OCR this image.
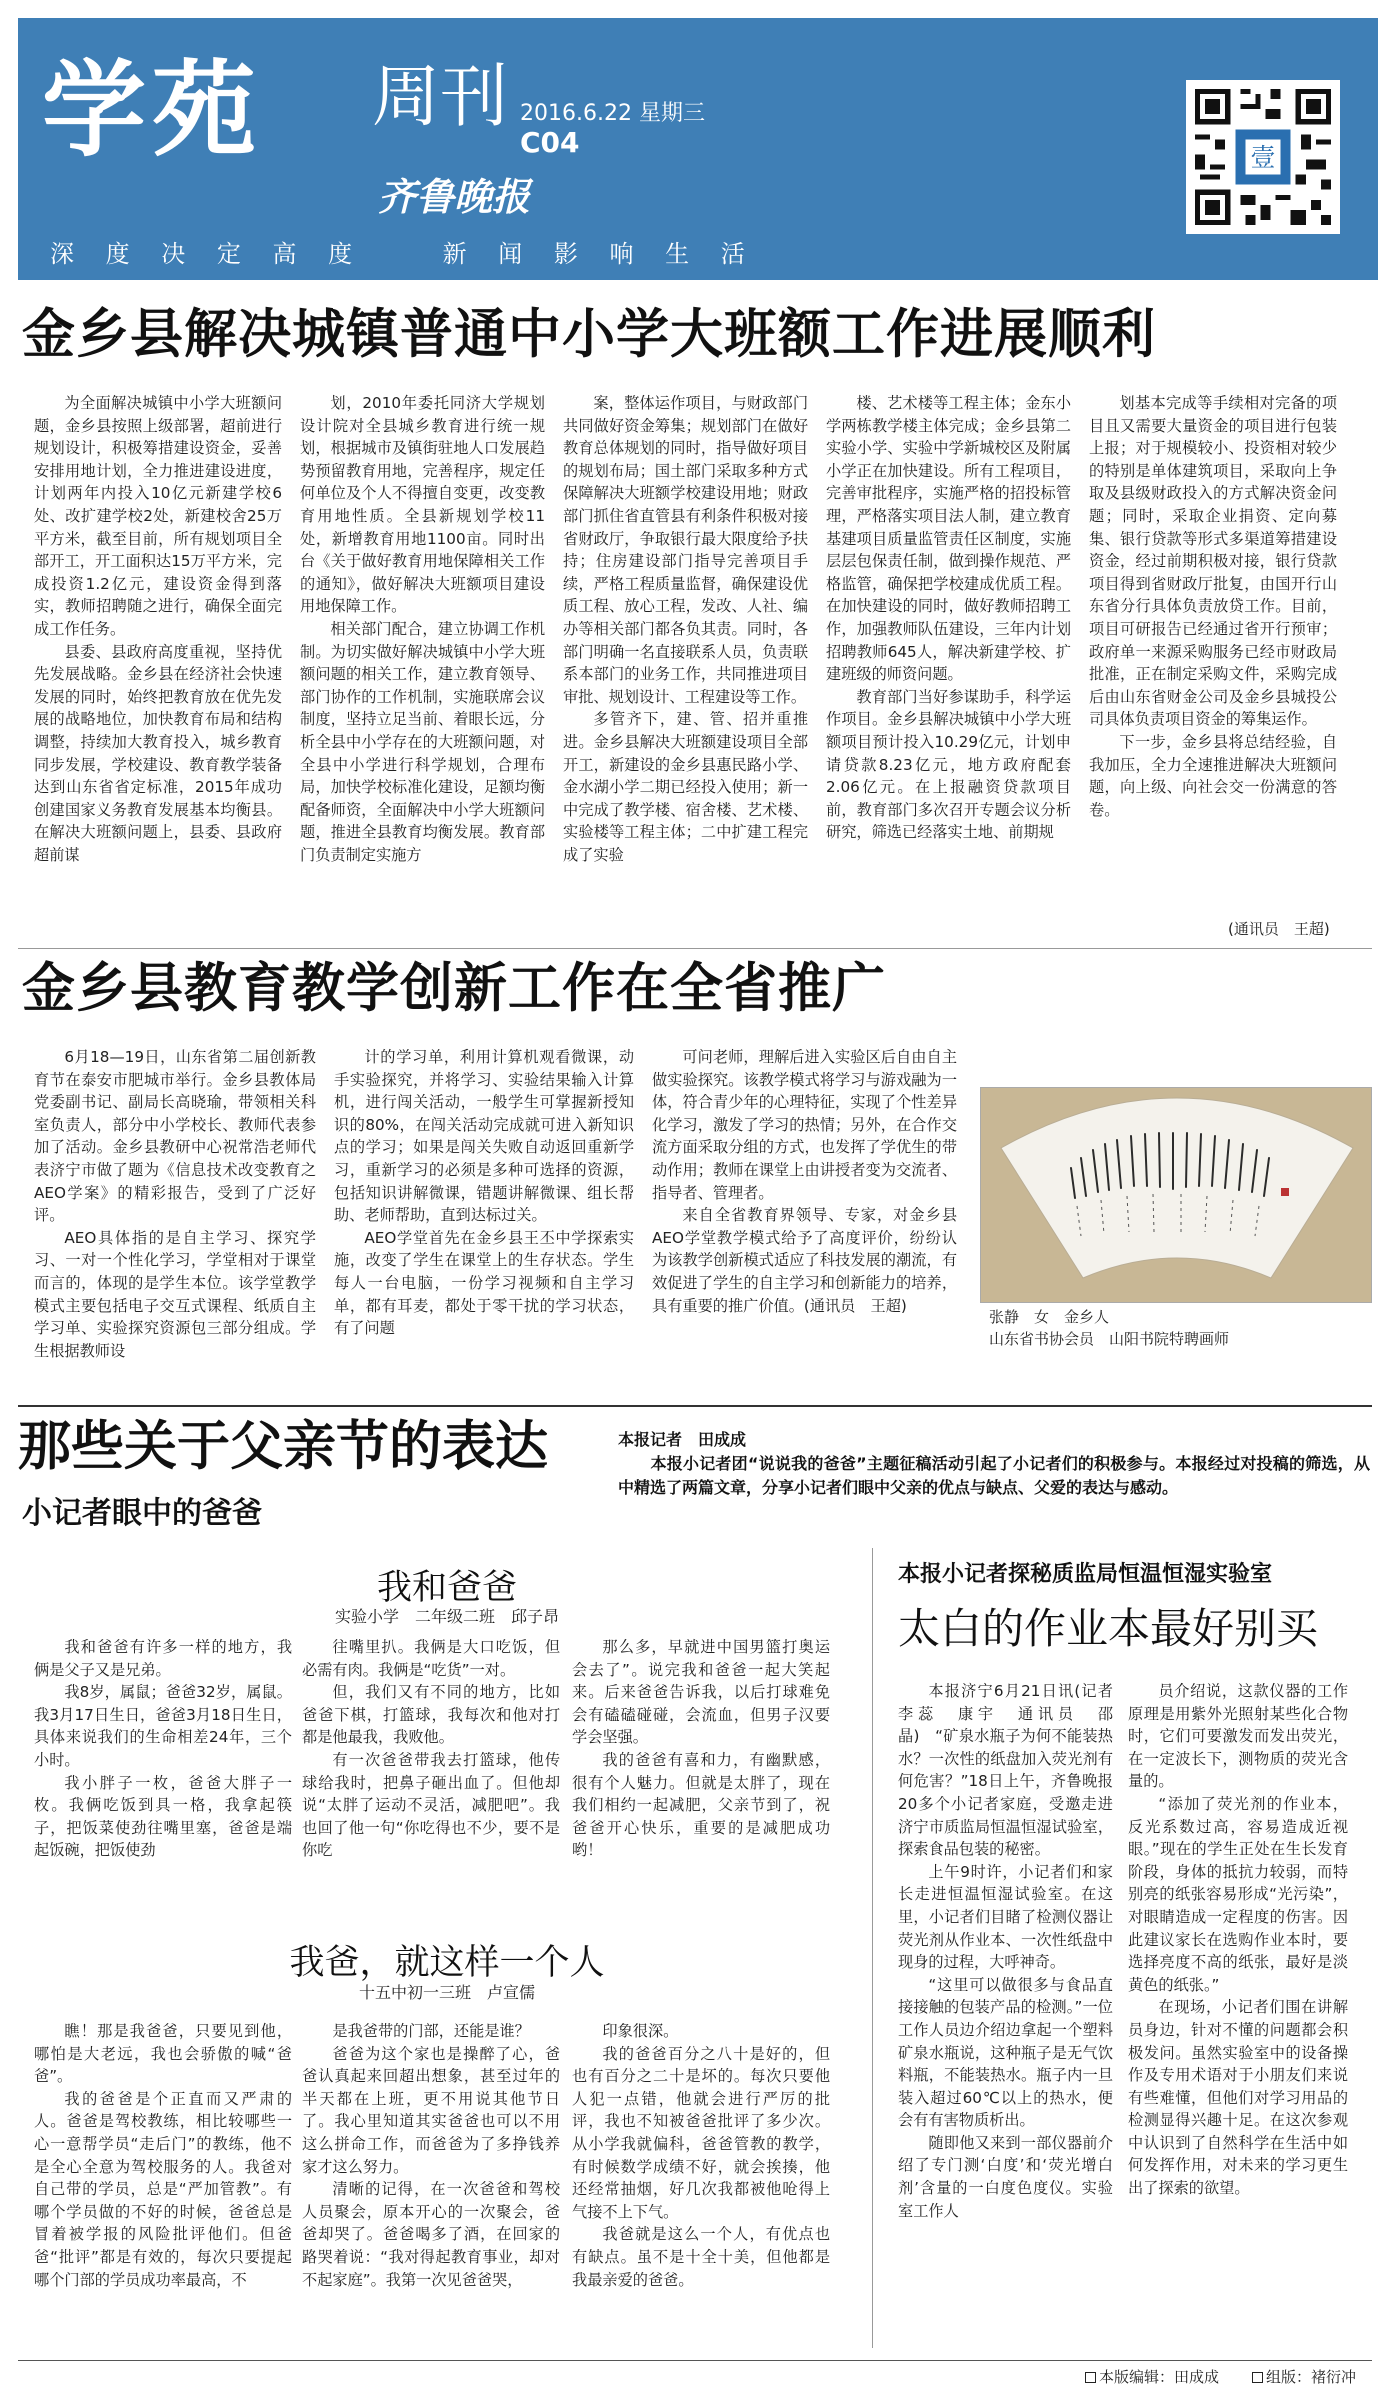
学苑 周刊 2016.6.22 星期三
C04
齐鲁晚报
深 度 决 定 高 度    新 闻 影 响 生 活
壹
金乡县解决城镇普通中小学大班额工作进展顺利

为全面解决城镇中小学大班额问题，金乡县按照上级部署，超前进行规划设计，积极筹措建设资金，妥善安排用地计划，全力推进建设进度，计划两年内投入10亿元新建学校6处、改扩建学校2处，新建校舍25万平方米，截至目前，所有规划项目全部开工，开工面积达15万平方米，完成投资1.2亿元，建设资金得到落实，教师招聘随之进行，确保全面完成工作任务。

县委、县政府高度重视，坚持优先发展战略。金乡县在经济社会快速发展的同时，始终把教育放在优先发展的战略地位，加快教育布局和结构调整，持续加大教育投入，城乡教育同步发展，学校建设、教育教学装备达到山东省省定标准，2015年成功创建国家义务教育发展基本均衡县。在解决大班额问题上，县委、县政府超前谋

划，2010年委托同济大学规划设计院对全县城乡教育进行统一规划，根据城市及镇街驻地人口发展趋势预留教育用地，完善程序，规定任何单位及个人不得擅自变更，改变教育用地性质。全县新规划学校11处，新增教育用地1100亩。同时出台《关于做好教育用地保障相关工作的通知》，做好解决大班额项目建设用地保障工作。

相关部门配合，建立协调工作机制。为切实做好解决城镇中小学大班额问题的相关工作，建立教育领导、部门协作的工作机制，实施联席会议制度，坚持立足当前、着眼长远，分析全县中小学存在的大班额问题，对全县中小学进行科学规划，合理布局，加快学校标准化建设，足额均衡配备师资，全面解决中小学大班额问题，推进全县教育均衡发展。教育部门负责制定实施方

案，整体运作项目，与财政部门共同做好资金筹集；规划部门在做好教育总体规划的同时，指导做好项目的规划布局；国土部门采取多种方式保障解决大班额学校建设用地；财政部门抓住省直管县有利条件积极对接省财政厅，争取银行最大限度给予扶持；住房建设部门指导完善项目手续，严格工程质量监督，确保建设优质工程、放心工程，发改、人社、编办等相关部门都各负其责。同时，各部门明确一名直接联系人员，负责联系本部门的业务工作，共同推进项目审批、规划设计、工程建设等工作。

多管齐下，建、管、招并重推进。金乡县解决大班额建设项目全部开工，新建设的金乡县惠民路小学、金水湖小学二期已经投入使用；新一中完成了教学楼、宿舍楼、艺术楼、实验楼等工程主体；二中扩建工程完成了实验

楼、艺术楼等工程主体；金东小学两栋教学楼主体完成；金乡县第二实验小学、实验中学新城校区及附属小学正在加快建设。所有工程项目，完善审批程序，实施严格的招投标管理，严格落实项目法人制，建立教育基建项目质量监管责任区制度，实施层层包保责任制，做到操作规范、严格监管，确保把学校建成优质工程。在加快建设的同时，做好教师招聘工作，加强教师队伍建设，三年内计划招聘教师645人，解决新建学校、扩建班级的师资问题。

教育部门当好参谋助手，科学运作项目。金乡县解决城镇中小学大班额项目预计投入10.29亿元，计划申请贷款8.23亿元，地方政府配套2.06亿元。在上报融资贷款项目前，教育部门多次召开专题会议分析研究，筛选已经落实土地、前期规

划基本完成等手续相对完备的项目且又需要大量资金的项目进行包装上报；对于规模较小、投资相对较少的特别是单体建筑项目，采取向上争取及县级财政投入的方式解决资金问题；同时，采取企业捐资、定向募集、银行贷款等形式多渠道筹措建设资金，经过前期积极对接，银行贷款项目得到省财政厅批复，由国开行山东省分行具体负责放贷工作。目前，项目可研报告已经通过省开行预审；政府单一来源采购服务已经市财政局批准，正在制定采购文件，采购完成后由山东省财金公司及金乡县城投公司具体负责项目资金的筹集运作。

下一步，金乡县将总结经验，自我加压，全力全速推进解决大班额问题，向上级、向社会交一份满意的答卷。

(通讯员　王超)
金乡县教育教学创新工作在全省推广

6月18—19日，山东省第二届创新教育节在泰安市肥城市举行。金乡县教体局党委副书记、副局长高晓瑜，带领相关科室负责人，部分中小学校长、教师代表参加了活动。金乡县教研中心祝常浩老师代表济宁市做了题为《信息技术改变教育之AEO学案》的精彩报告，受到了广泛好评。

AEO具体指的是自主学习、探究学习、一对一个性化学习，学堂相对于课堂而言的，体现的是学生本位。该学堂教学模式主要包括电子交互式课程、纸质自主学习单、实验探究资源包三部分组成。学生根据教师设

计的学习单，利用计算机观看微课，动手实验探究，并将学习、实验结果输入计算机，进行闯关活动，一般学生可掌握新授知识的80%，在闯关活动完成就可进入新知识点的学习；如果是闯关失败自动返回重新学习，重新学习的必须是多种可选择的资源，包括知识讲解微课，错题讲解微课、组长帮助、老师帮助，直到达标过关。

AEO学堂首先在金乡县王丕中学探索实施，改变了学生在课堂上的生存状态。学生每人一台电脑，一份学习视频和自主学习单，都有耳麦，都处于零干扰的学习状态，有了问题

可问老师，理解后进入实验区后自由自主做实验探究。该教学模式将学习与游戏融为一体，符合青少年的心理特征，实现了个性差异化学习，激发了学习的热情；另外，在合作交流方面采取分组的方式，也发挥了学优生的带动作用；教师在课堂上由讲授者变为交流者、指导者、管理者。

来自全省教育界领导、专家，对金乡县AEO学堂教学模式给予了高度评价，纷纷认为该教学创新模式适应了科技发展的潮流，有效促进了学生的自主学习和创新能力的培养，具有重要的推广价值。(通讯员　王超)

张静　女　金乡人
山东省书协会员　山阳书院特聘画师
那些关于父亲节的表达
小记者眼中的爸爸
本报记者　田成成
　　本报小记者团“说说我的爸爸”主题征稿活动引起了小记者们的积极参与。本报经过对投稿的筛选，从中精选了两篇文章，分享小记者们眼中父亲的优点与缺点、父爱的表达与感动。
我和爸爸
实验小学　二年级二班　邱子昂

我和爸爸有许多一样的地方，我俩是父子又是兄弟。

我8岁，属鼠；爸爸32岁，属鼠。我3月17日生日，爸爸3月18日生日，具体来说我们的生命相差24年，三个小时。

我小胖子一枚，爸爸大胖子一枚。我俩吃饭到具一格，我拿起筷子，把饭菜使劲往嘴里塞，爸爸是端起饭碗，把饭使劲

往嘴里扒。我俩是大口吃饭，但必需有肉。我俩是“吃货”一对。

但，我们又有不同的地方，比如爸爸下棋，打篮球，我每次和他对打都是他最我，我败他。

有一次爸爸带我去打篮球，他传球给我时，把鼻子砸出血了。但他却说“太胖了运动不灵活，减肥吧”。我也回了他一句“你吃得也不少，要不是你吃

那么多，早就进中国男篮打奥运会去了”。说完我和爸爸一起大笑起来。后来爸爸告诉我，以后打球难免会有磕磕碰碰，会流血，但男子汉要学会坚强。

我的爸爸有喜和力，有幽默感，很有个人魅力。但就是太胖了，现在我们相约一起减肥，父亲节到了，祝爸爸开心快乐，重要的是减肥成功哟！

我爸，就这样一个人
十五中初一三班　卢宣儒

瞧！那是我爸爸，只要见到他，哪怕是大老远，我也会骄傲的喊“爸爸”。

我的爸爸是个正直而又严肃的人。爸爸是驾校教练，相比较哪些一心一意帮学员“走后门”的教练，他不是全心全意为驾校服务的人。我爸对自己带的学员，总是“严加管教”。有哪个学员做的不好的时候，爸爸总是冒着被学报的风险批评他们。但爸爸“批评”都是有效的，每次只要提起哪个门部的学员成功率最高，不

是我爸带的门部，还能是谁？

爸爸为这个家也是操醉了心，爸爸认真起来回超出想象，甚至过年的半天都在上班，更不用说其他节日了。我心里知道其实爸爸也可以不用这么拼命工作，而爸爸为了多挣钱养家才这么努力。

清晰的记得，在一次爸爸和驾校人员聚会，原本开心的一次聚会，爸爸却哭了。爸爸喝多了酒，在回家的路哭着说：“我对得起教育事业，却对不起家庭”。我第一次见爸爸哭，

印象很深。

我的爸爸百分之八十是好的，但也有百分之二十是坏的。每次只要他人犯一点错，他就会进行严厉的批评，我也不知被爸爸批评了多少次。从小学我就偏科，爸爸管教的教学，有时候数学成绩不好，就会挨揍，他还经常抽烟，好几次我都被他呛得上气接不上下气。

我爸就是这么一个人，有优点也有缺点。虽不是十全十美，但他都是我最亲爱的爸爸。

本报小记者探秘质监局恒温恒湿实验室
太白的作业本最好别买

本报济宁6月21日讯(记者　李蕊　康宇　通讯员　邵晶)　“矿泉水瓶子为何不能装热水？一次性的纸盘加入荧光剂有何危害？”18日上午，齐鲁晚报20多个小记者家庭，受邀走进济宁市质监局恒温恒湿试验室，探索食品包装的秘密。

上午9时许，小记者们和家长走进恒温恒湿试验室。在这里，小记者们目睹了检测仪器让荧光剂从作业本、一次性纸盘中现身的过程，大呼神奇。

“这里可以做很多与食品直接接触的包装产品的检测。”一位工作人员边介绍边拿起一个塑料矿泉水瓶说，这种瓶子是无气饮料瓶，不能装热水。瓶子内一旦装入超过60℃以上的热水，便会有有害物质析出。

随即他又来到一部仪器前介绍了专门测‘白度’和‘荧光增白剂’含量的一白度色度仪。实验室工作人

员介绍说，这款仪器的工作原理是用紫外光照射某些化合物时，它们可要激发而发出荧光，在一定波长下，测物质的荧光含量的。

“添加了荧光剂的作业本，反光系数过高，容易造成近视眼。”现在的学生正处在生长发育阶段，身体的抵抗力较弱，而特别亮的纸张容易形成“光污染”，对眼睛造成一定程度的伤害。因此建议家长在选购作业本时，要选择亮度不高的纸张，最好是淡黄色的纸张。”

在现场，小记者们围在讲解员身边，针对不懂的问题都会积极发问。虽然实验室中的设备操作及专用术语对于小朋友们来说有些难懂，但他们对学习用品的检测显得兴趣十足。在这次参观中认识到了自然科学在生活中如何发挥作用，对未来的学习更生出了探索的欲望。

本版编辑：田成成	组版：褚衍冲
